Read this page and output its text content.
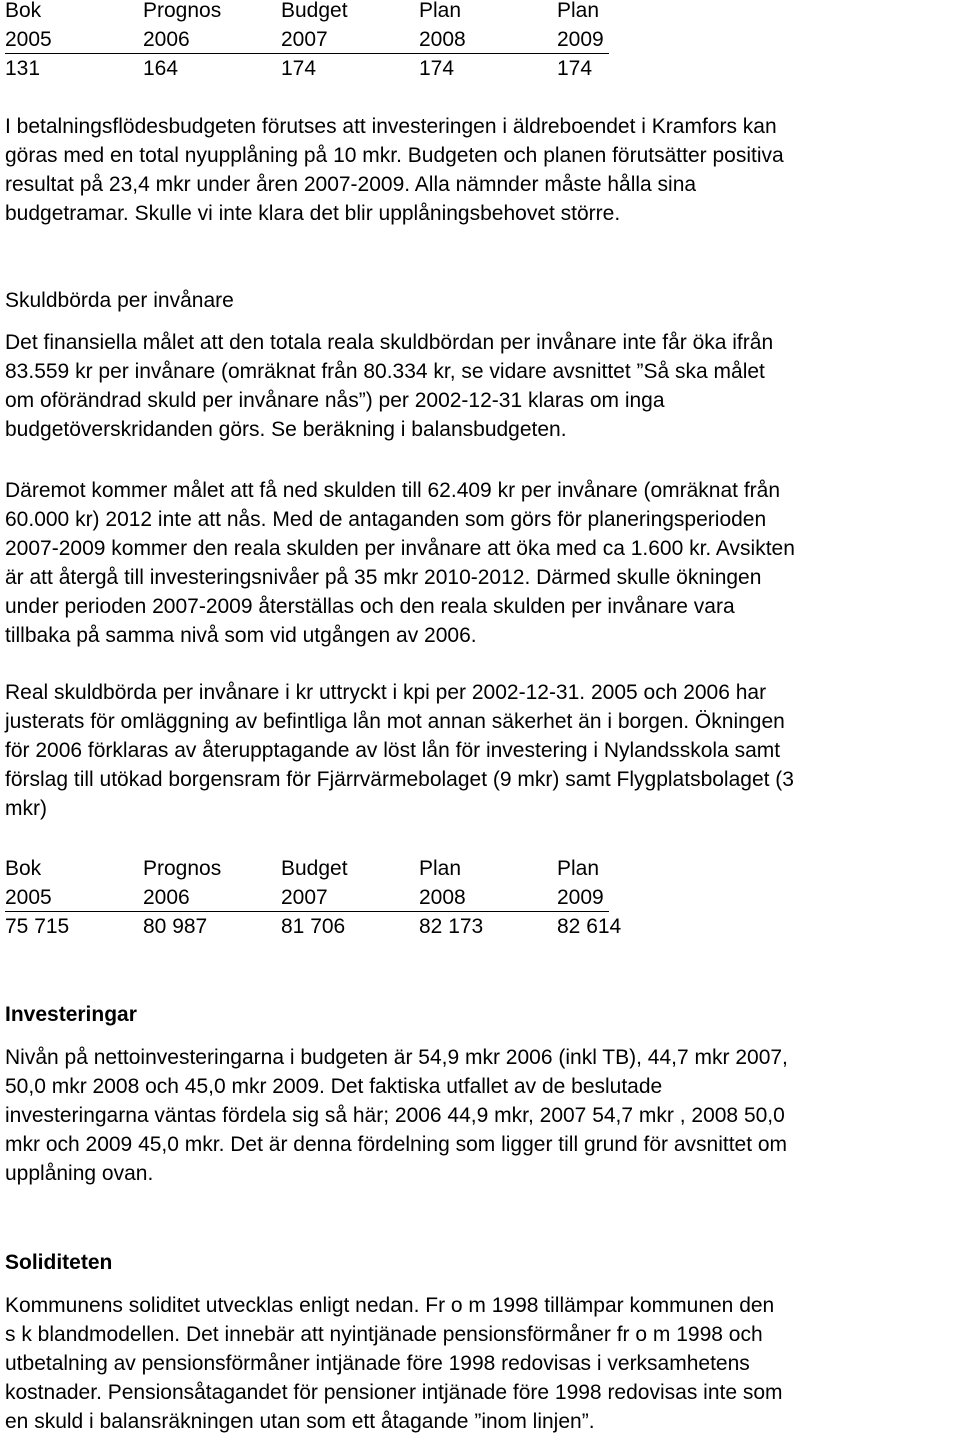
Bok	Prognos	Budget	Plan	Plan
2005	2006	2007	2008	2009
131	164	174	174	174
I betalningsflödesbudgeten förutses att investeringen i äldreboendet i Kramfors kan
göras med en total nyupplåning på 10 mkr. Budgeten och planen förutsätter positiva
resultat på 23,4 mkr under åren 2007-2009. Alla nämnder måste hålla sina
budgetramar. Skulle vi inte klara det blir upplåningsbehovet större.
Skuldbörda per invånare
Det finansiella målet att den totala reala skuldbördan per invånare inte får öka ifrån
83.559 kr per invånare (omräknat från 80.334 kr, se vidare avsnittet ”Så ska målet
om oförändrad skuld per invånare nås”) per 2002-12-31 klaras om inga
budgetöverskridanden görs. Se beräkning i balansbudgeten.
Däremot kommer målet att få ned skulden till 62.409 kr per invånare (omräknat från
60.000 kr) 2012 inte att nås. Med de antaganden som görs för planeringsperioden
2007-2009 kommer den reala skulden per invånare att öka med ca 1.600 kr. Avsikten
är att återgå till investeringsnivåer på 35 mkr 2010-2012. Därmed skulle ökningen
under perioden 2007-2009 återställas och den reala skulden per invånare vara
tillbaka på samma nivå som vid utgången av 2006.
Real skuldbörda per invånare i kr uttryckt i kpi per 2002-12-31. 2005 och 2006 har
justerats för omläggning av befintliga lån mot annan säkerhet än i borgen. Ökningen
för 2006 förklaras av återupptagande av löst lån för investering i Nylandsskola samt
förslag till utökad borgensram för Fjärrvärmebolaget (9 mkr) samt Flygplatsbolaget (3
mkr)
Bok	Prognos	Budget	Plan	Plan
2005	2006	2007	2008	2009
75 715	80 987	81 706	82 173	82 614
Investeringar
Nivån på nettoinvesteringarna i budgeten är 54,9 mkr 2006 (inkl TB), 44,7 mkr 2007,
50,0 mkr 2008 och 45,0 mkr 2009. Det faktiska utfallet av de beslutade
investeringarna väntas fördela sig så här; 2006 44,9 mkr, 2007 54,7 mkr , 2008 50,0
mkr och 2009 45,0 mkr. Det är denna fördelning som ligger till grund för avsnittet om
upplåning ovan.
Soliditeten
Kommunens soliditet utvecklas enligt nedan. Fr o m 1998 tillämpar kommunen den
s k blandmodellen. Det innebär att nyintjänade pensionsförmåner fr o m 1998 och
utbetalning av pensionsförmåner intjänade före 1998 redovisas i verksamhetens
kostnader. Pensionsåtagandet för pensioner intjänade före 1998 redovisas inte som
en skuld i balansräkningen utan som ett åtagande ”inom linjen”.
